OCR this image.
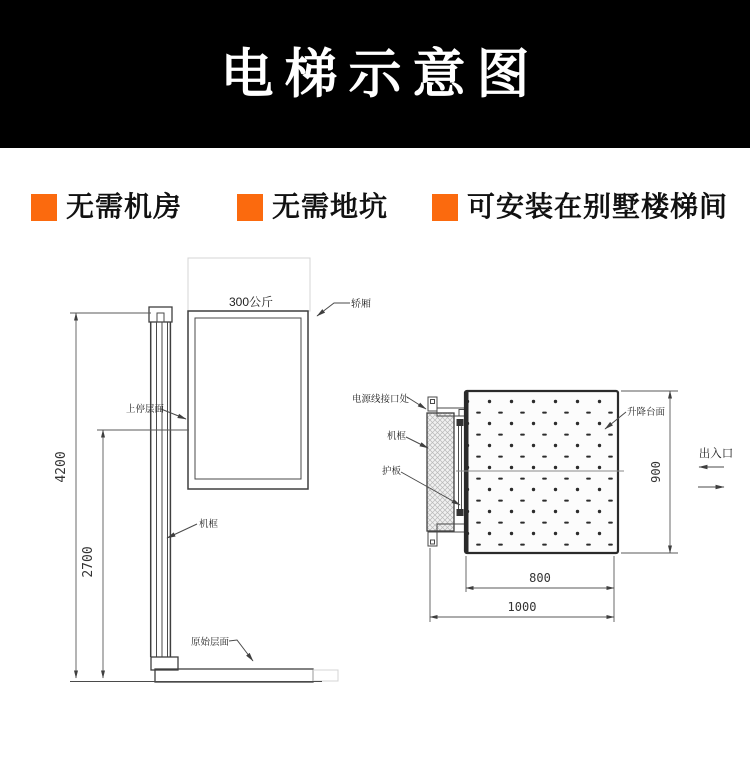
电梯示意图
无需机房	无需地坑	可安装在别墅楼梯间
4200
2700
300公斤	轿厢
上停层面
机框
原始层面
900
800
1000
电源线接口处
机框
护板
升降台面
出入口
